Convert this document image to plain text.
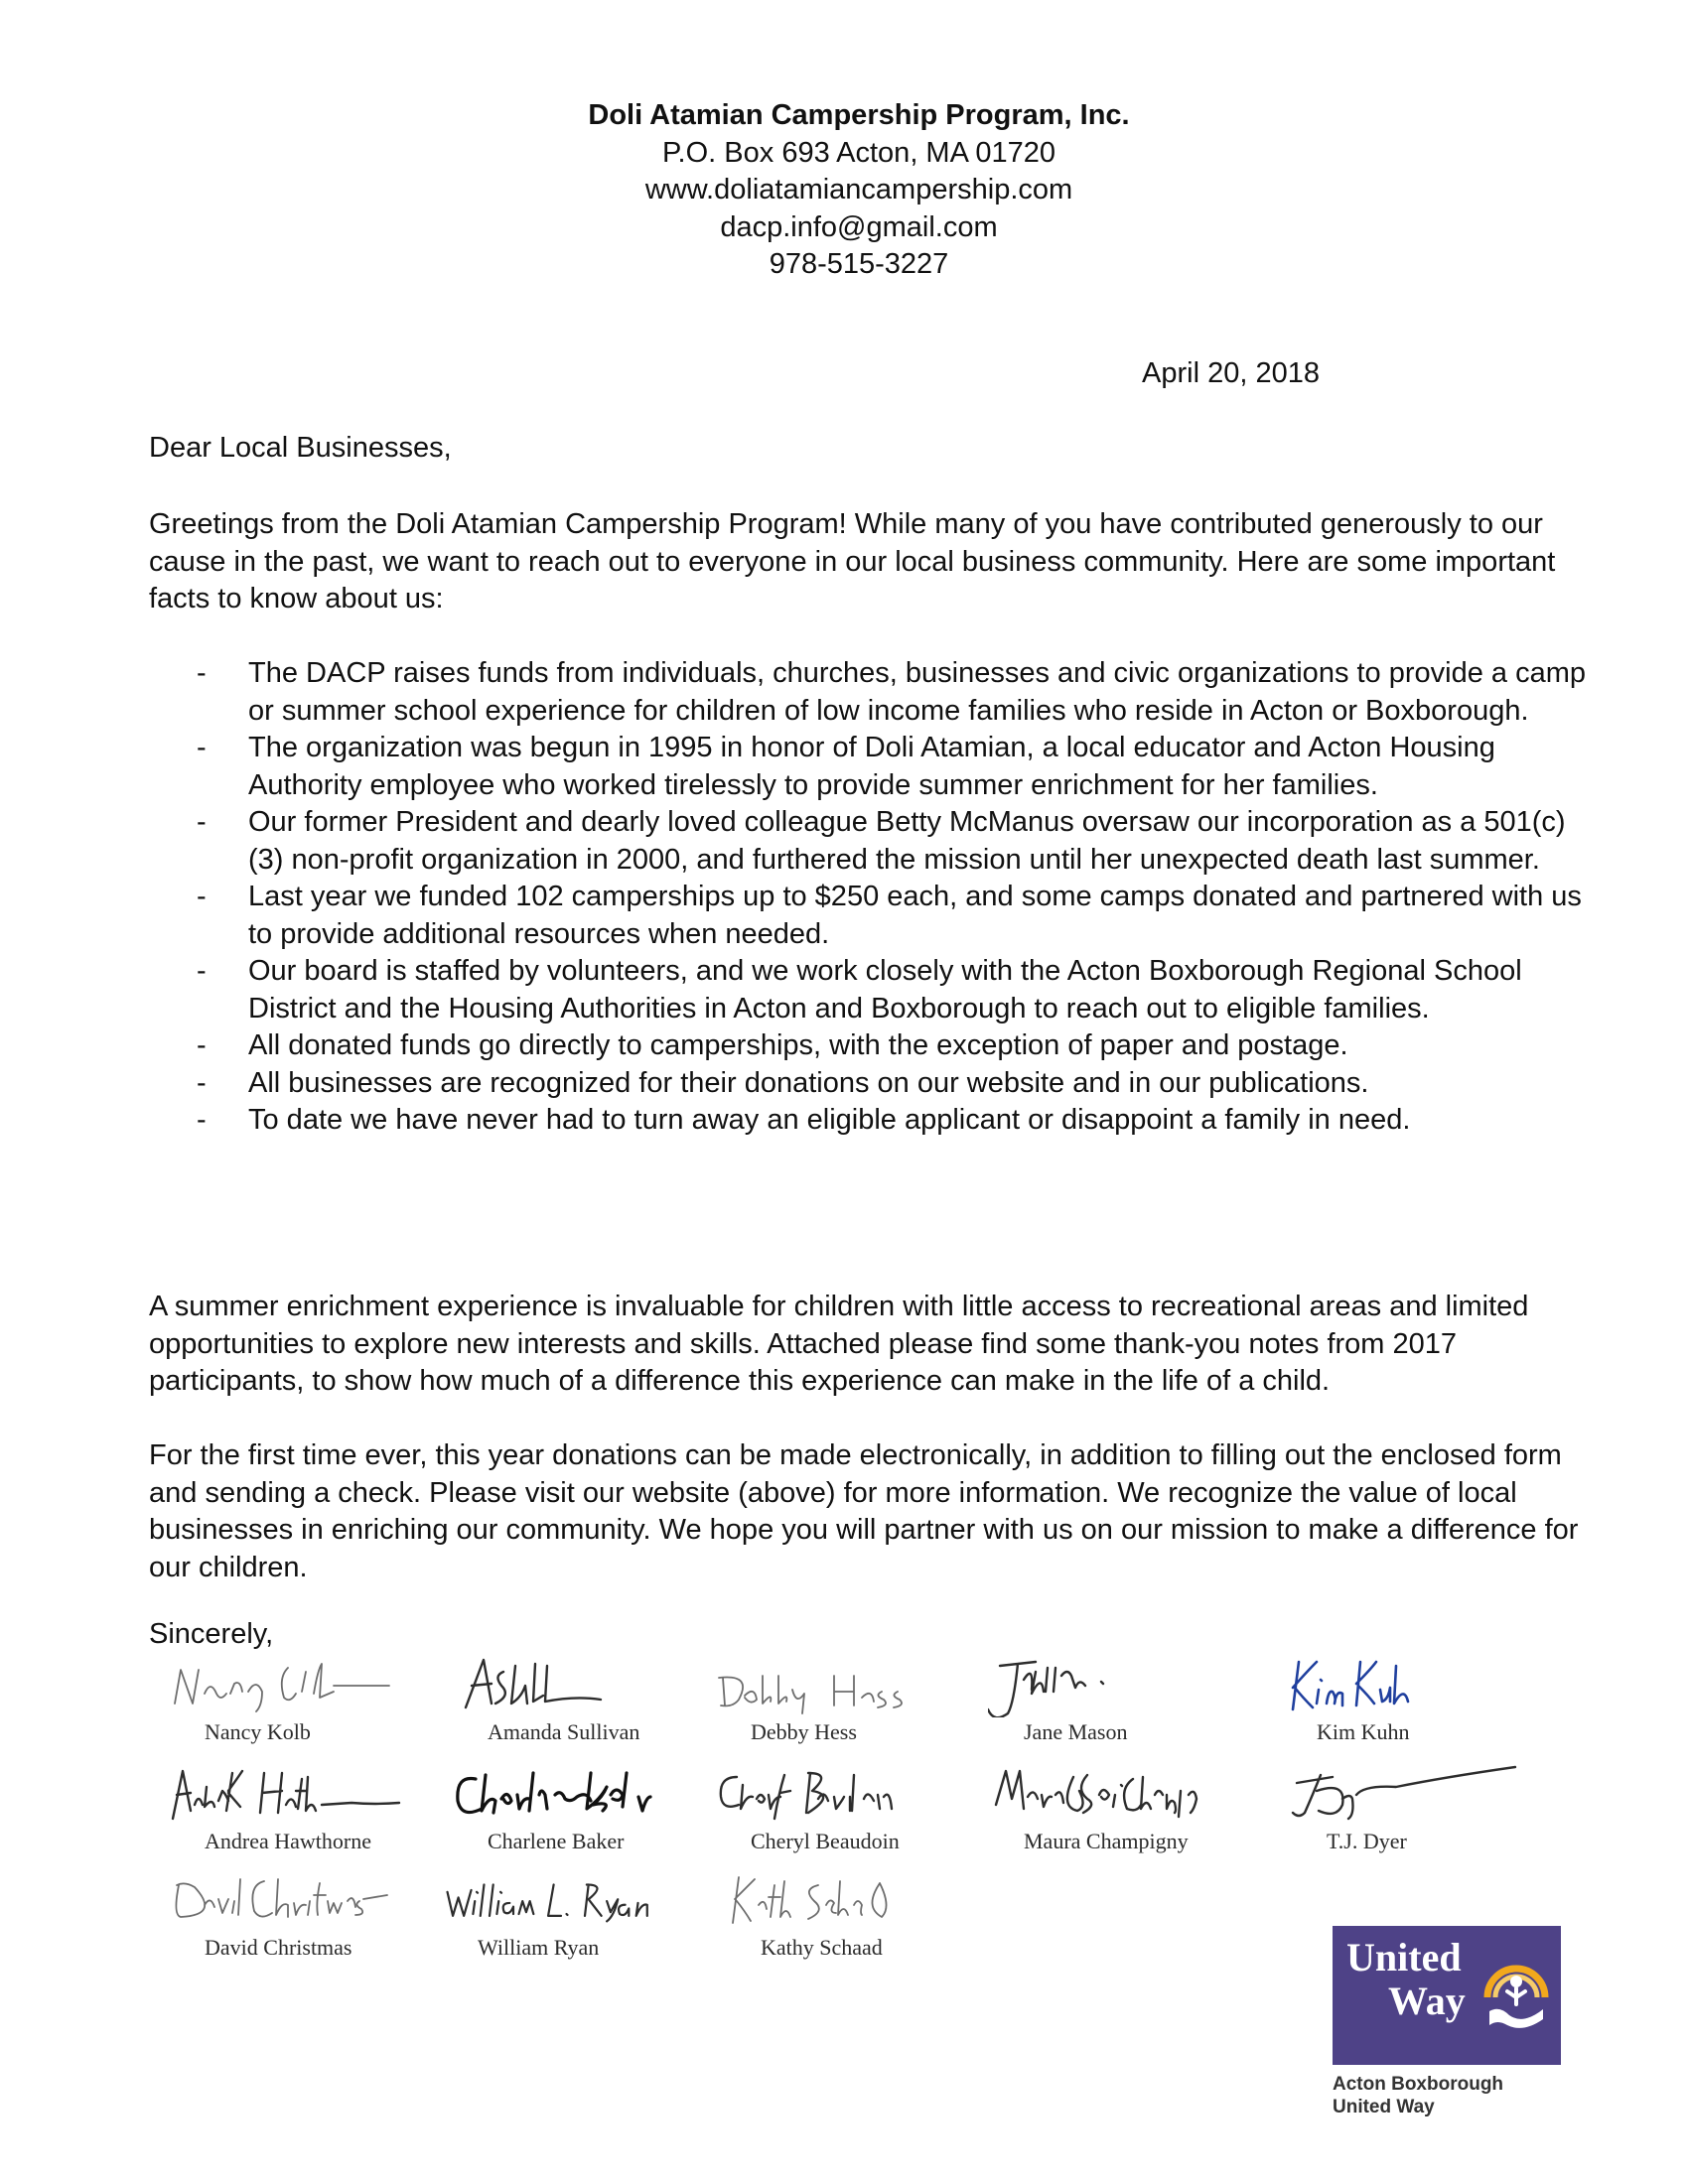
Doli Atamian Campership Program, Inc.
P.O. Box 693 Acton, MA 01720
www.doliatamiancampership.com
dacp.info@gmail.com
978-515-3227
April 20, 2018
Dear Local Businesses,

Greetings from the Doli Atamian Campership Program! While many of you have contributed generously to our cause in the past, we want to reach out to everyone in our local business community. Here are some important facts to know about us:

- The DACP raises funds from individuals, churches, businesses and civic organizations to provide a camp or summer school experience for children of low income families who reside in Acton or Boxborough.
- The organization was begun in 1995 in honor of Doli Atamian, a local educator and Acton Housing Authority employee who worked tirelessly to provide summer enrichment for her families.
- Our former President and dearly loved colleague Betty McManus oversaw our incorporation as a 501(c)(3) non-profit organization in 2000, and furthered the mission until her unexpected death last summer.
- Last year we funded 102 camperships up to $250 each, and some camps donated and partnered with us to provide additional resources when needed.
- Our board is staffed by volunteers, and we work closely with the Acton Boxborough Regional School District and the Housing Authorities in Acton and Boxborough to reach out to eligible families.
- All donated funds go directly to camperships, with the exception of paper and postage.
- All businesses are recognized for their donations on our website and in our publications.
- To date we have never had to turn away an eligible applicant or disappoint a family in need.

A summer enrichment experience is invaluable for children with little access to recreational areas and limited opportunities to explore new interests and skills. Attached please find some thank-you notes from 2017 participants, to show how much of a difference this experience can make in the life of a child.

For the first time ever, this year donations can be made electronically, in addition to filling out the enclosed form and sending a check. Please visit our website (above) for more information. We recognize the value of local businesses in enriching our community. We hope you will partner with us on our mission to make a difference for our children.

Sincerely,
Nancy Kolb	Amanda Sullivan	Debby Hess	Jane Mason	Kim Kuhn
Andrea Hawthorne	Charlene Baker	Cheryl Beaudoin	Maura Champigny	T.J. Dyer
David Christmas	William Ryan	Kathy Schaad	United
Way
Acton Boxborough
United Way
